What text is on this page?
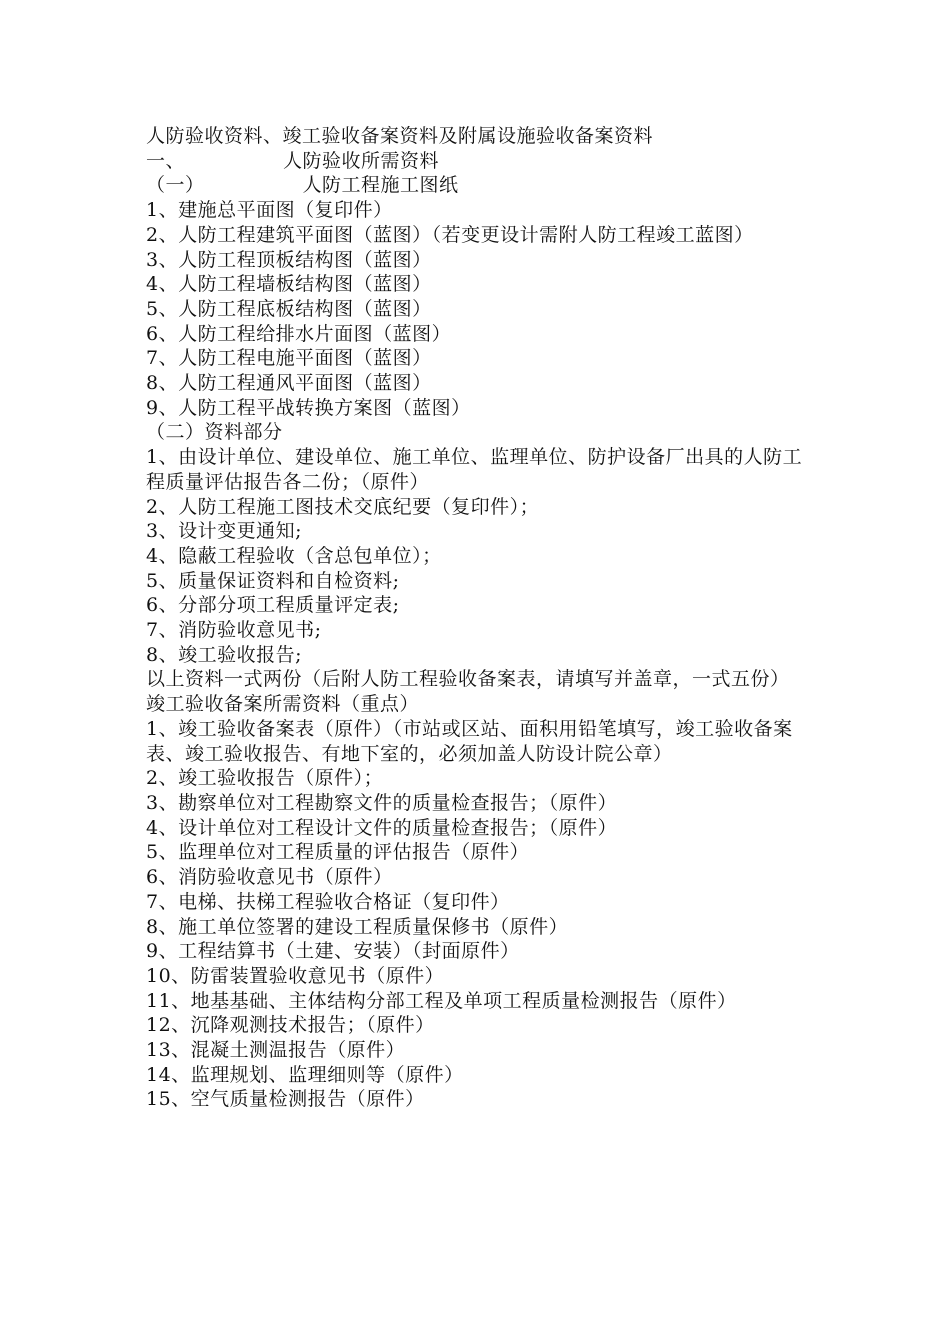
人防验收资料、竣工验收备案资料及附属设施验收备案资料

一、	人防验收所需资料

（一）	人防工程施工图纸

1、建施总平面图（复印件）

2、人防工程建筑平面图（蓝图）（若变更设计需附人防工程竣工蓝图）

3、人防工程顶板结构图（蓝图）

4、人防工程墙板结构图（蓝图）

5、人防工程底板结构图（蓝图）

6、人防工程给排水片面图（蓝图）

7、人防工程电施平面图（蓝图）

8、人防工程通风平面图（蓝图）

9、人防工程平战转换方案图（蓝图）

（二）资料部分

1、由设计单位、建设单位、施工单位、监理单位、防护设备厂出具的人防工程质量评估报告各二份；（原件）

2、人防工程施工图技术交底纪要（复印件）；

3、设计变更通知;

4、隐蔽工程验收（含总包单位）；

5、质量保证资料和自检资料;

6、分部分项工程质量评定表;

7、消防验收意见书;

8、竣工验收报告;

以上资料一式两份（后附人防工程验收备案表，请填写并盖章，一式五份）

竣工验收备案所需资料（重点）

1、竣工验收备案表（原件）（市站或区站、面积用铅笔填写，竣工验收备案表、竣工验收报告、有地下室的，必须加盖人防设计院公章）

2、竣工验收报告（原件）；

3、勘察单位对工程勘察文件的质量检查报告；（原件）

4、设计单位对工程设计文件的质量检查报告；（原件）

5、监理单位对工程质量的评估报告（原件）

6、消防验收意见书（原件）

7、电梯、扶梯工程验收合格证（复印件）

8、施工单位签署的建设工程质量保修书（原件）

9、工程结算书（土建、安装）（封面原件）

10、防雷装置验收意见书（原件）

11、地基基础、主体结构分部工程及单项工程质量检测报告（原件）

12、沉降观测技术报告；（原件）

13、混凝土测温报告（原件）

14、监理规划、监理细则等（原件）

15、空气质量检测报告（原件）
